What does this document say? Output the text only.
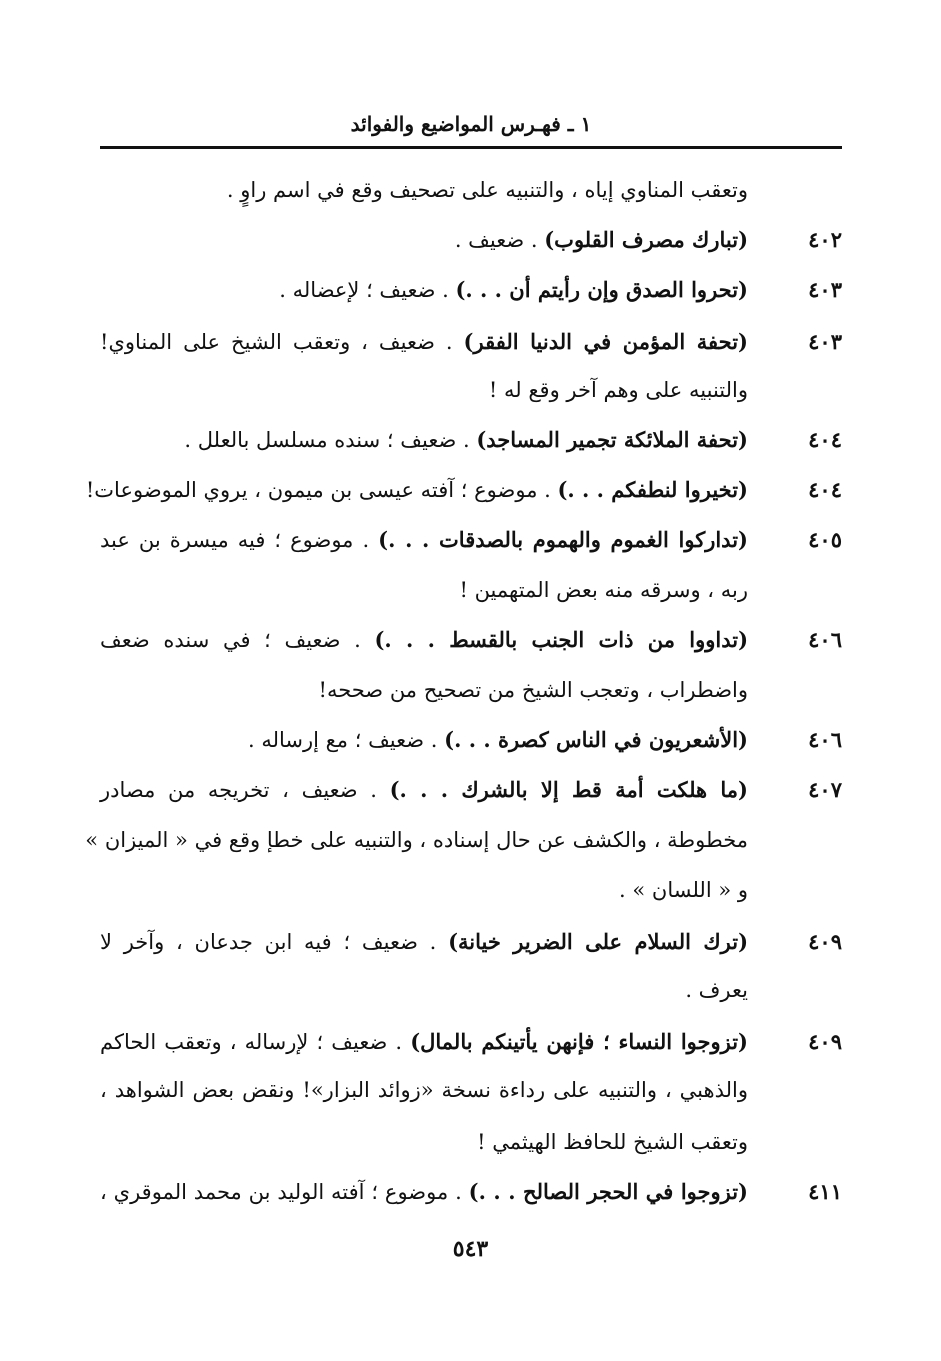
١ ـ فهـرس المواضيع والفوائد
وتعقب المناوي إياه ، والتنبيه على تصحيف وقع في اسم راوٍ .
٤٠٢
(تبارك مصرف القلوب) . ضعيف .
٤٠٣
(تحروا الصدق وإن رأيتم أن . . .) . ضعيف ؛ لإعضاله .
٤٠٣
(تحفة المؤمن في الدنيا الفقر) . ضعيف ، وتعقب الشيخ على المناوي!
والتنبيه على وهم آخر وقع له !
٤٠٤
(تحفة الملائكة تجمير المساجد) . ضعيف ؛ سنده مسلسل بالعلل .
٤٠٤
(تخيروا لنطفكم . . .) . موضوع ؛ آفته عيسى بن ميمون ، يروي الموضوعات!
٤٠٥
(تداركوا الغموم والهموم بالصدقات . . .) . موضوع ؛ فيه ميسرة بن عبد
ربه ، وسرقه منه بعض المتهمين !
٤٠٦
(تداووا من ذات الجنب بالقسط . . .) . ضعيف ؛ في سنده ضعف
واضطراب ، وتعجب الشيخ من تصحيح من صححه!
٤٠٦
(الأشعريون في الناس كصرة . . .) . ضعيف ؛ مع إرساله .
٤٠٧
(ما هلكت أمة قط إلا بالشرك . . .) . ضعيف ، تخريجه من مصادر
مخطوطة ، والكشف عن حال إسناده ، والتنبيه على خطإ وقع في « الميزان »
و « اللسان » .
٤٠٩
(ترك السلام على الضرير خيانة) . ضعيف ؛ فيه ابن جدعان ، وآخر لا
يعرف .
٤٠٩
(تزوجوا النساء ؛ فإنهن يأتينكم بالمال) . ضعيف ؛ لإرساله ، وتعقب الحاكم
والذهبي ، والتنبيه على رداءة نسخة «زوائد البزار»! ونقض بعض الشواهد ،
وتعقب الشيخ للحافظ الهيثمي !
٤١١
(تزوجوا في الحجر الصالح . . .) . موضوع ؛ آفته الوليد بن محمد الموقري ،
٥٤٣
